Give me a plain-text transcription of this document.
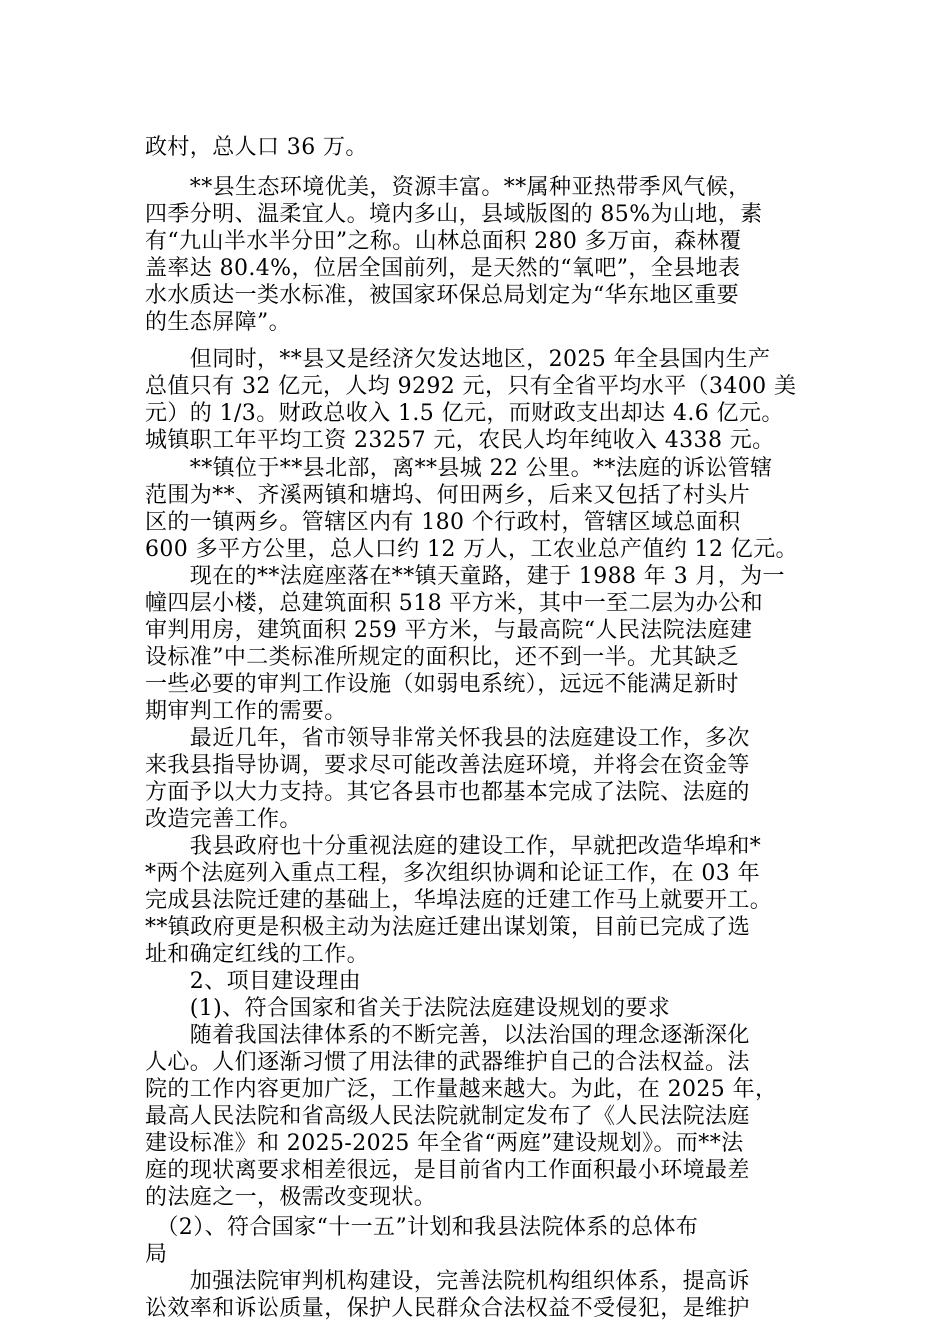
政村，总人口 36 万。
　　**县生态环境优美，资源丰富。**属种亚热带季风气候，
四季分明、温柔宜人。境内多山，县域版图的 85%为山地，素
有“九山半水半分田”之称。山林总面积 280 多万亩，森林覆
盖率达 80.4%，位居全国前列，是天然的“氧吧”，全县地表
水水质达一类水标准，被国家环保总局划定为“华东地区重要
的生态屏障”。
　　但同时，**县又是经济欠发达地区，2025 年全县国内生产
总值只有 32 亿元，人均 9292 元，只有全省平均水平（3400 美
元）的 1/3。财政总收入 1.5 亿元，而财政支出却达 4.6 亿元。
城镇职工年平均工资 23257 元，农民人均年纯收入 4338 元。
　　**镇位于**县北部，离**县城 22 公里。**法庭的诉讼管辖
范围为**、齐溪两镇和塘坞、何田两乡，后来又包括了村头片
区的一镇两乡。管辖区内有 180 个行政村，管辖区域总面积
600 多平方公里，总人口约 12 万人，工农业总产值约 12 亿元。
　　现在的**法庭座落在**镇天童路，建于 1988 年 3 月，为一
幢四层小楼，总建筑面积 518 平方米，其中一至二层为办公和
审判用房，建筑面积 259 平方米，与最高院“人民法院法庭建
设标准”中二类标准所规定的面积比，还不到一半。尤其缺乏
一些必要的审判工作设施（如弱电系统），远远不能满足新时
期审判工作的需要。
　　最近几年，省市领导非常关怀我县的法庭建设工作，多次
来我县指导协调，要求尽可能改善法庭环境，并将会在资金等
方面予以大力支持。其它各县市也都基本完成了法院、法庭的
改造完善工作。
　　我县政府也十分重视法庭的建设工作，早就把改造华埠和*
*两个法庭列入重点工程，多次组织协调和论证工作，在 03 年
完成县法院迁建的基础上，华埠法庭的迁建工作马上就要开工。
**镇政府更是积极主动为法庭迁建出谋划策，目前已完成了选
址和确定红线的工作。
　　2、项目建设理由
　　(1)、符合国家和省关于法院法庭建设规划的要求
　　随着我国法律体系的不断完善，以法治国的理念逐渐深化
人心。人们逐渐习惯了用法律的武器维护自己的合法权益。法
院的工作内容更加广泛，工作量越来越大。为此，在 2025 年，
最高人民法院和省高级人民法院就制定发布了《人民法院法庭
建设标准》和 2025-2025 年全省“两庭”建设规划》。而**法
庭的现状离要求相差很远，是目前省内工作面积最小环境最差
的法庭之一，极需改变现状。
　（2）、符合国家“十一五”计划和我县法院体系的总体布
局
　　加强法院审判机构建设，完善法院机构组织体系，提高诉
讼效率和诉讼质量，保护人民群众合法权益不受侵犯，是维护
